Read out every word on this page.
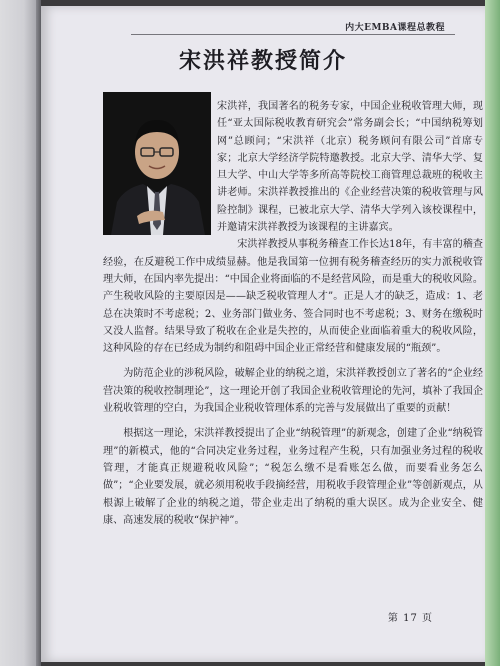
内大EMBA课程总教程
宋洪祥教授简介

宋洪祥，我国著名的税务专家，中国企业税收管理大师，现任“亚太国际税收教育研究会”常务副会长；“中国纳税筹划网”总顾问；“宋洪祥（北京）税务顾问有限公司”首席专家；北京大学经济学院特邀教授。北京大学、清华大学、复旦大学、中山大学等多所高等院校工商管理总裁班的税收主讲老师。宋洪祥教授推出的《企业经营决策的税收管理与风险控制》课程，已被北京大学、清华大学列入该校课程中，并邀请宋洪祥教授为该课程的主讲嘉宾。

宋洪祥教授从事税务稽查工作长达18年，有丰富的稽查经验，在反避税工作中成绩显赫。他是我国第一位拥有税务稽查经历的实力派税收管理大师，在国内率先提出：“中国企业将面临的不是经营风险，而是重大的税收风险。产生税收风险的主要原因是——缺乏税收管理人才”。正是人才的缺乏，造成：1、老总在决策时不考虑税；2、业务部门做业务、签合同时也不考虑税；3、财务在缴税时又没人监督。结果导致了税收在企业是失控的，从而使企业面临着重大的税收风险，这种风险的存在已经成为制约和阻碍中国企业正常经营和健康发展的“瓶颈”。

为防范企业的涉税风险，破解企业的纳税之道，宋洪祥教授创立了著名的“企业经营决策的税收控制理论”，这一理论开创了我国企业税收管理论的先河，填补了我国企业税收管理的空白，为我国企业税收管理体系的完善与发展做出了重要的贡献！

根据这一理论，宋洪祥教授提出了企业“纳税管理”的新观念，创建了企业“纳税管理”的新模式，他的“合同决定业务过程，业务过程产生税，只有加强业务过程的税收管理，才能真正规避税收风险”；“税怎么缴不是看账怎么做，而要看业务怎么做”；“企业要发展，就必须用税收手段摘经营，用税收手段管理企业”等创新观点，从根源上破解了企业的纳税之道，带企业走出了纳税的重大误区。成为企业安全、健康、高速发展的税收“保护神”。

第 17 页
